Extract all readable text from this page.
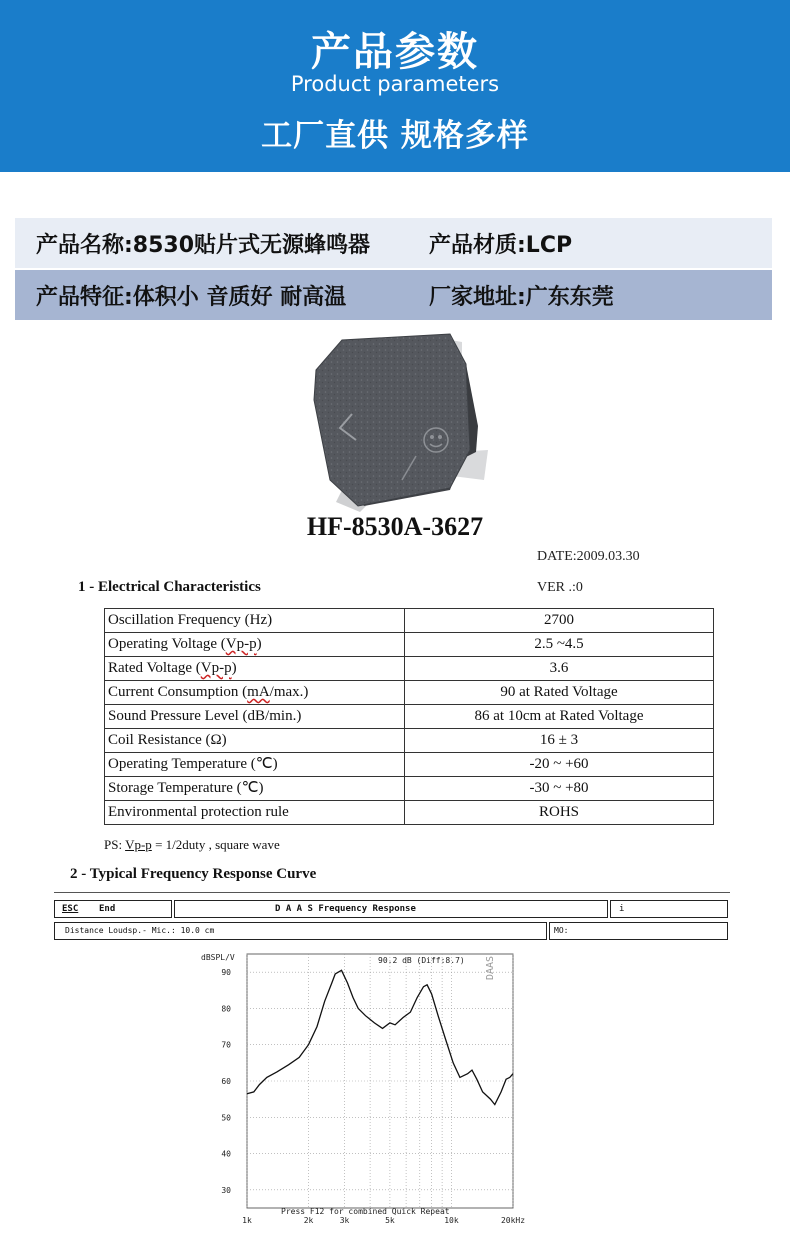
产品参数
Product parameters
工厂直供 规格多样
产品名称:8530贴片式无源蜂鸣器	产品材质:LCP
产品特征:体积小 音质好 耐高温	厂家地址:广东东莞
HF-8530A-3627
DATE:2009.03.30
1 - Electrical Characteristics	VER .:0
Oscillation Frequency (Hz)	2700
Operating Voltage (Vp-p)	2.5 ~4.5
Rated Voltage (Vp-p)	3.6
Current Consumption (mA/max.)	90 at Rated Voltage
Sound Pressure Level (dB/min.)	86 at 10cm at Rated Voltage
Coil Resistance (Ω)	16 ± 3
Operating Temperature (℃)	-20 ~ +60
Storage Temperature (℃)	-30 ~ +80
Environmental protection rule	ROHS
PS: Vp-p = 1/2duty , square wave
2 - Typical Frequency Response Curve
ESC End	D A A S Frequency Response	i
Distance Loudsp.- Mic.: 10.0 cm	MO:
dBSPL/V	90.2 dB (Diff:8.7) DAAS
Press F12 for combined Quick Repeat
90
80
70
60
50
40
30
1k	2k	3k	5k	10k	20kHz
